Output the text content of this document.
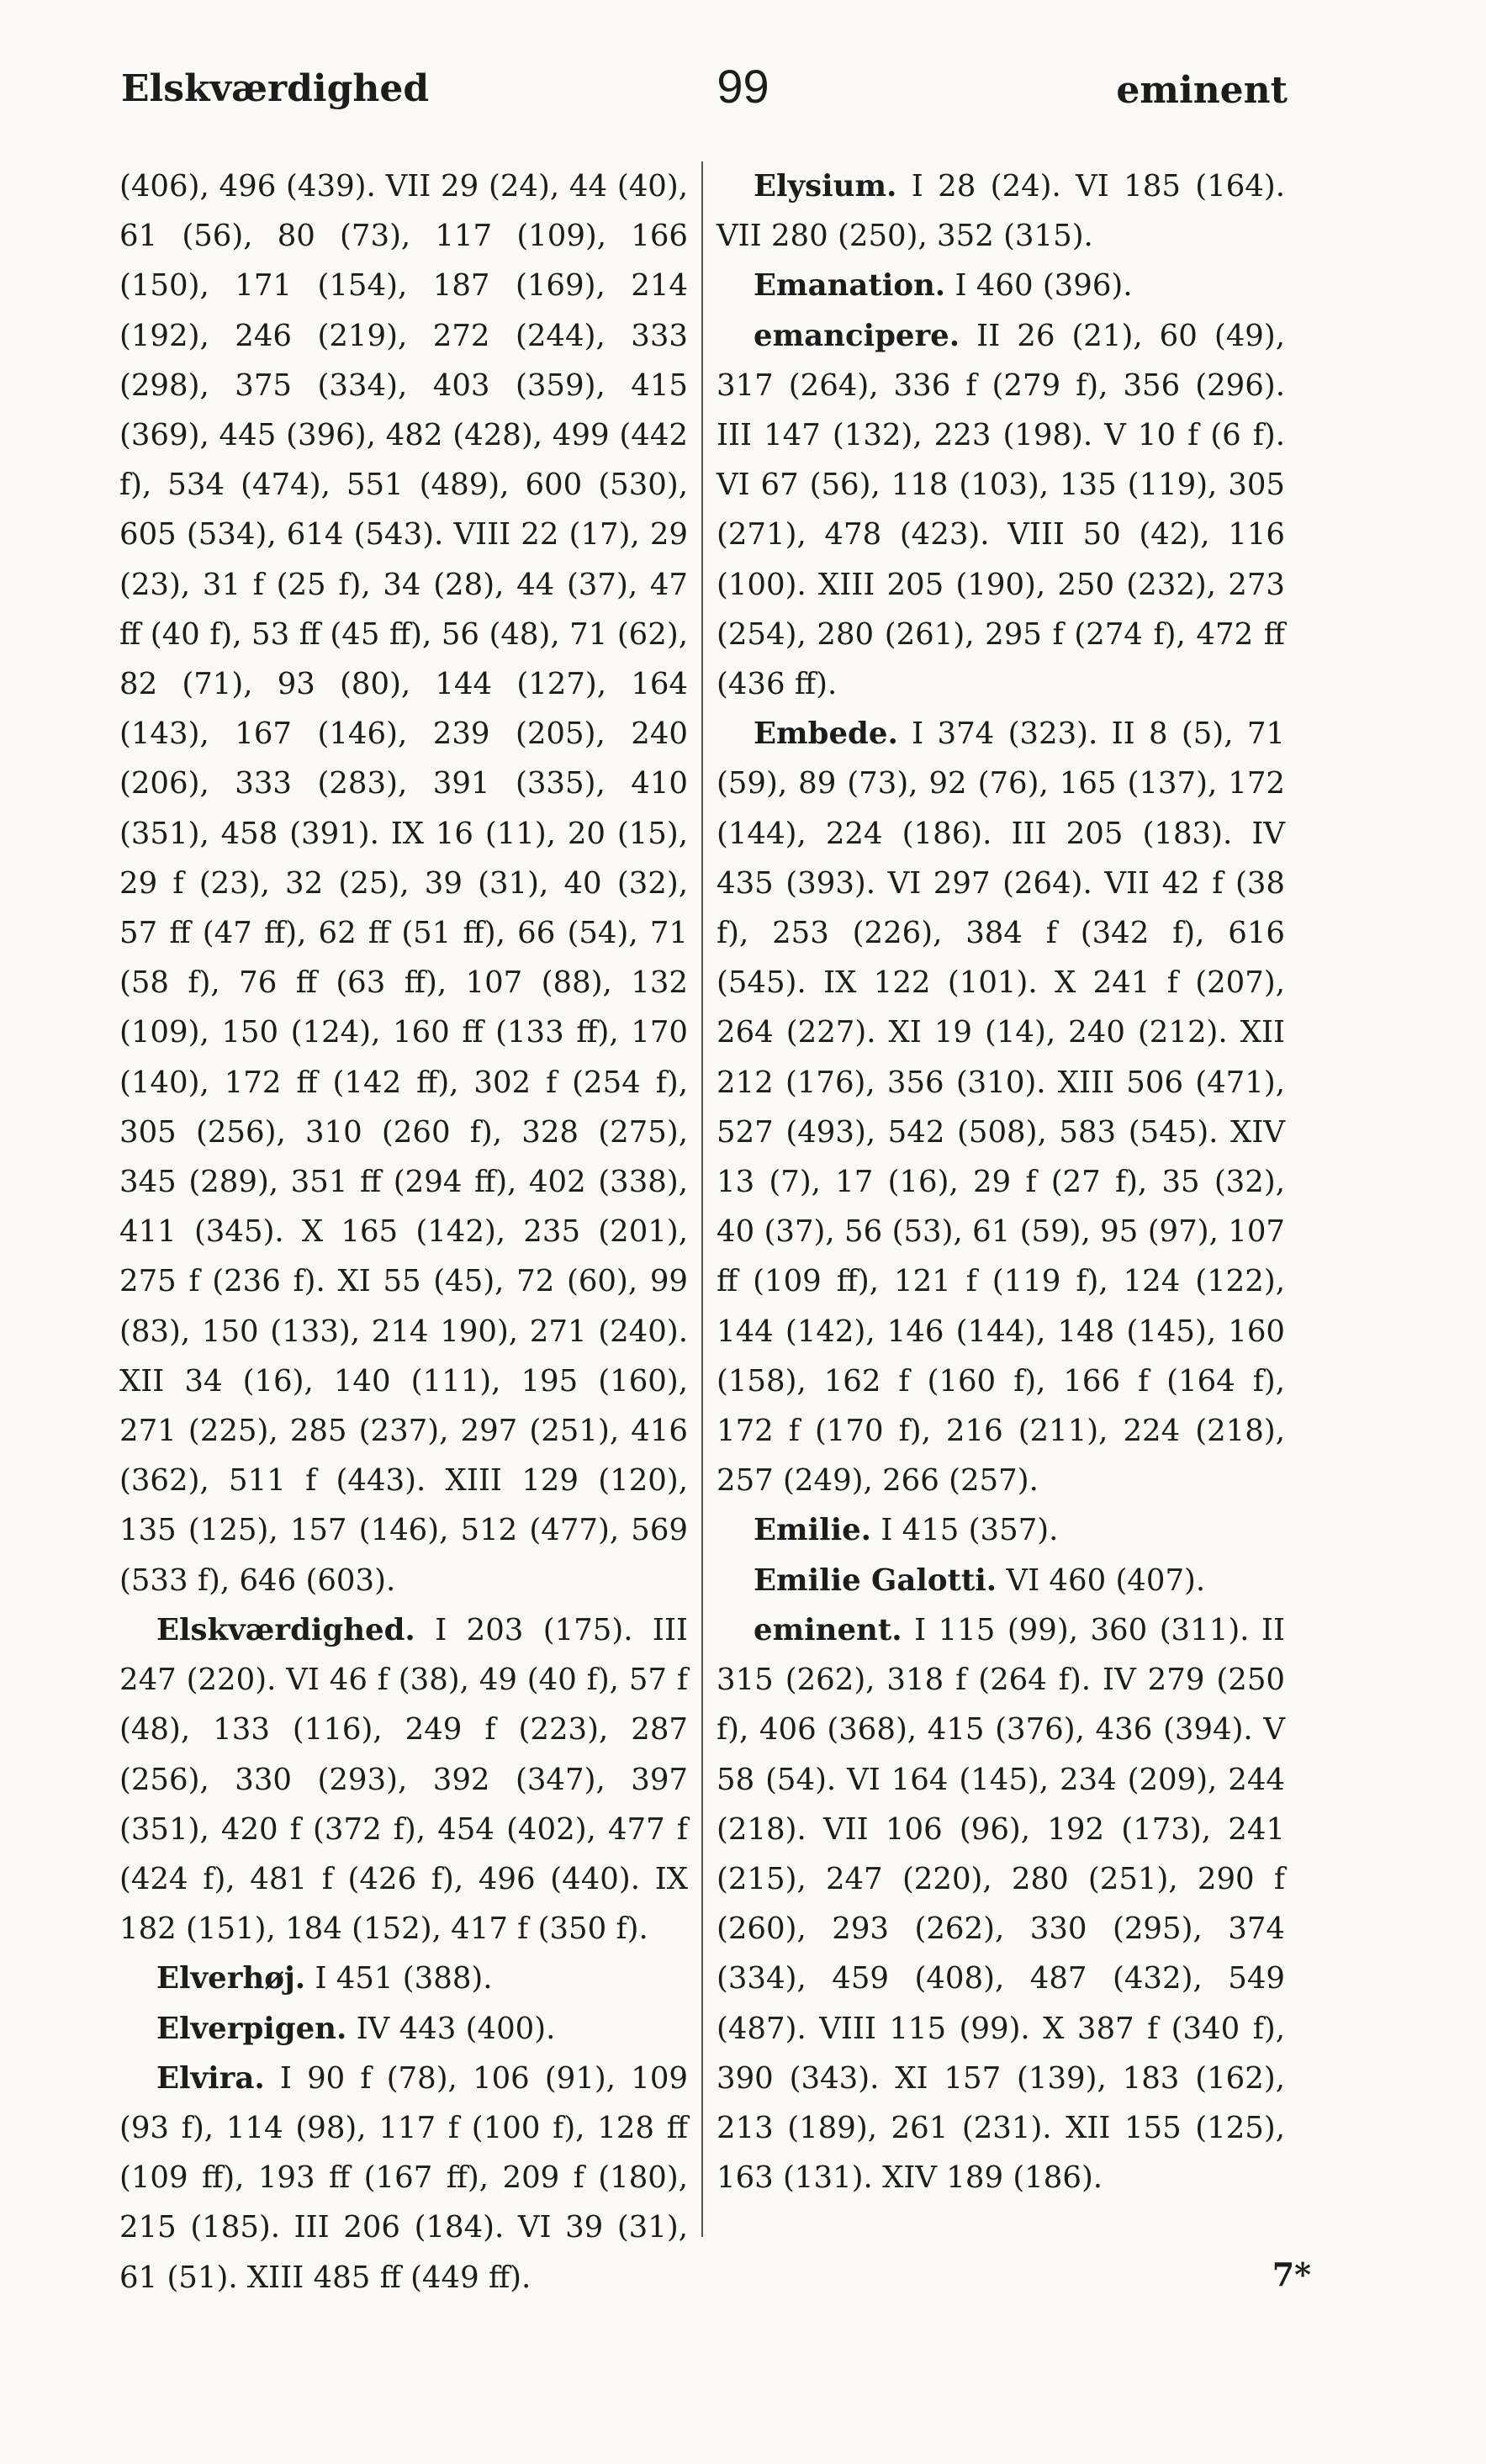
Elskværdighed	99	eminent

(406), 496 (439). VII 29 (24), 44 (40), 61 (56), 80 (73), 117 (109), 166 (150), 171 (154), 187 (169), 214 (192), 246 (219), 272 (244), 333 (298), 375 (334), 403 (359), 415 (369), 445 (396), 482 (428), 499 (442 f), 534 (474), 551 (489), 600 (530), 605 (534), 614 (543). VIII 22 (17), 29 (23), 31 f (25 f), 34 (28), 44 (37), 47 ff (40 f), 53 ff (45 ff), 56 (48), 71 (62), 82 (71), 93 (80), 144 (127), 164 (143), 167 (146), 239 (205), 240 (206), 333 (283), 391 (335), 410 (351), 458 (391). IX 16 (11), 20 (15), 29 f (23), 32 (25), 39 (31), 40 (32), 57 ff (47 ff), 62 ff (51 ff), 66 (54), 71 (58 f), 76 ff (63 ff), 107 (88), 132 (109), 150 (124), 160 ff (133 ff), 170 (140), 172 ff (142 ff), 302 f (254 f), 305 (256), 310 (260 f), 328 (275), 345 (289), 351 ff (294 ff), 402 (338), 411 (345). X 165 (142), 235 (201), 275 f (236 f). XI 55 (45), 72 (60), 99 (83), 150 (133), 214 190), 271 (240). XII 34 (16), 140 (111), 195 (160), 271 (225), 285 (237), 297 (251), 416 (362), 511 f (443). XIII 129 (120), 135 (125), 157 (146), 512 (477), 569 (533 f), 646 (603).

Elskværdighed. I 203 (175). III 247 (220). VI 46 f (38), 49 (40 f), 57 f (48), 133 (116), 249 f (223), 287 (256), 330 (293), 392 (347), 397 (351), 420 f (372 f), 454 (402), 477 f (424 f), 481 f (426 f), 496 (440). IX 182 (151), 184 (152), 417 f (350 f).

Elverhøj. I 451 (388).

Elverpigen. IV 443 (400).

Elvira. I 90 f (78), 106 (91), 109 (93 f), 114 (98), 117 f (100 f), 128 ff (109 ff), 193 ff (167 ff), 209 f (180), 215 (185). III 206 (184). VI 39 (31), 61 (51). XIII 485 ff (449 ff).

Elysium. I 28 (24). VI 185 (164). VII 280 (250), 352 (315).

Emanation. I 460 (396).

emancipere. II 26 (21), 60 (49), 317 (264), 336 f (279 f), 356 (296). III 147 (132), 223 (198). V 10 f (6 f). VI 67 (56), 118 (103), 135 (119), 305 (271), 478 (423). VIII 50 (42), 116 (100). XIII 205 (190), 250 (232), 273 (254), 280 (261), 295 f (274 f), 472 ff (436 ff).

Embede. I 374 (323). II 8 (5), 71 (59), 89 (73), 92 (76), 165 (137), 172 (144), 224 (186). III 205 (183). IV 435 (393). VI 297 (264). VII 42 f (38 f), 253 (226), 384 f (342 f), 616 (545). IX 122 (101). X 241 f (207), 264 (227). XI 19 (14), 240 (212). XII 212 (176), 356 (310). XIII 506 (471), 527 (493), 542 (508), 583 (545). XIV 13 (7), 17 (16), 29 f (27 f), 35 (32), 40 (37), 56 (53), 61 (59), 95 (97), 107 ff (109 ff), 121 f (119 f), 124 (122), 144 (142), 146 (144), 148 (145), 160 (158), 162 f (160 f), 166 f (164 f), 172 f (170 f), 216 (211), 224 (218), 257 (249), 266 (257).

Emilie. I 415 (357).

Emilie Galotti. VI 460 (407).

eminent. I 115 (99), 360 (311). II 315 (262), 318 f (264 f). IV 279 (250 f), 406 (368), 415 (376), 436 (394). V 58 (54). VI 164 (145), 234 (209), 244 (218). VII 106 (96), 192 (173), 241 (215), 247 (220), 280 (251), 290 f (260), 293 (262), 330 (295), 374 (334), 459 (408), 487 (432), 549 (487). VIII 115 (99). X 387 f (340 f), 390 (343). XI 157 (139), 183 (162), 213 (189), 261 (231). XII 155 (125), 163 (131). XIV 189 (186).

7*
